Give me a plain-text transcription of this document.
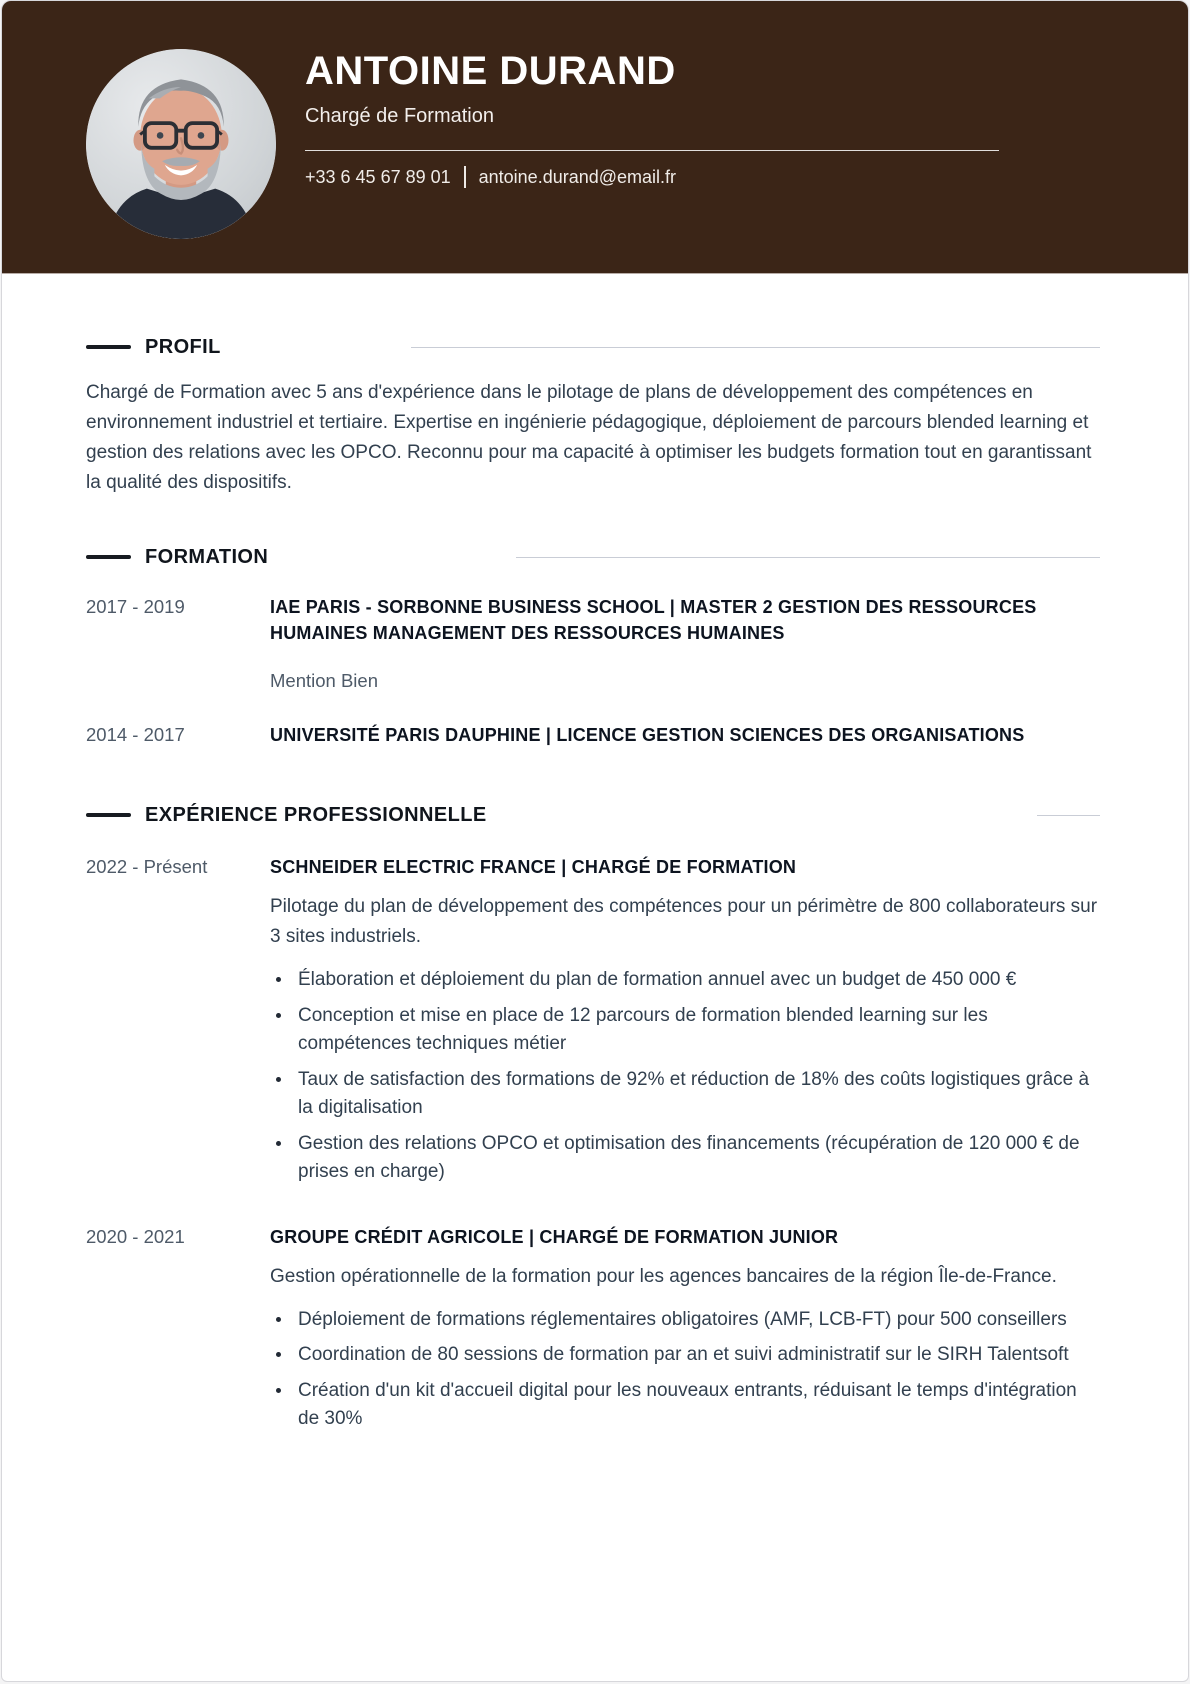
ANTOINE DURAND
Chargé de Formation
+33 6 45 67 89 01 antoine.durand@email.fr
PROFIL

Chargé de Formation avec 5 ans d'expérience dans le pilotage de plans de développement des compétences en environnement industriel et tertiaire. Expertise en ingénierie pédagogique, déploiement de parcours blended learning et gestion des relations avec les OPCO. Reconnu pour ma capacité à optimiser les budgets formation tout en garantissant la qualité des dispositifs.

FORMATION
2017 - 2019	IAE PARIS - SORBONNE BUSINESS SCHOOL | MASTER 2 GESTION DES RESSOURCES HUMAINES MANAGEMENT DES RESSOURCES HUMAINES
Mention Bien
2014 - 2017	UNIVERSITÉ PARIS DAUPHINE | LICENCE GESTION SCIENCES DES ORGANISATIONS
EXPÉRIENCE PROFESSIONNELLE
2022 - Présent	SCHNEIDER ELECTRIC FRANCE | CHARGÉ DE FORMATION

Pilotage du plan de développement des compétences pour un périmètre de 800 collaborateurs sur 3 sites industriels.

Élaboration et déploiement du plan de formation annuel avec un budget de 450 000 €
Conception et mise en place de 12 parcours de formation blended learning sur les compétences techniques métier
Taux de satisfaction des formations de 92% et réduction de 18% des coûts logistiques grâce à la digitalisation
Gestion des relations OPCO et optimisation des financements (récupération de 120 000 € de prises en charge)
2020 - 2021	GROUPE CRÉDIT AGRICOLE | CHARGÉ DE FORMATION JUNIOR

Gestion opérationnelle de la formation pour les agences bancaires de la région Île-de-France.

Déploiement de formations réglementaires obligatoires (AMF, LCB-FT) pour 500 conseillers
Coordination de 80 sessions de formation par an et suivi administratif sur le SIRH Talentsoft
Création d'un kit d'accueil digital pour les nouveaux entrants, réduisant le temps d'intégration de 30%
